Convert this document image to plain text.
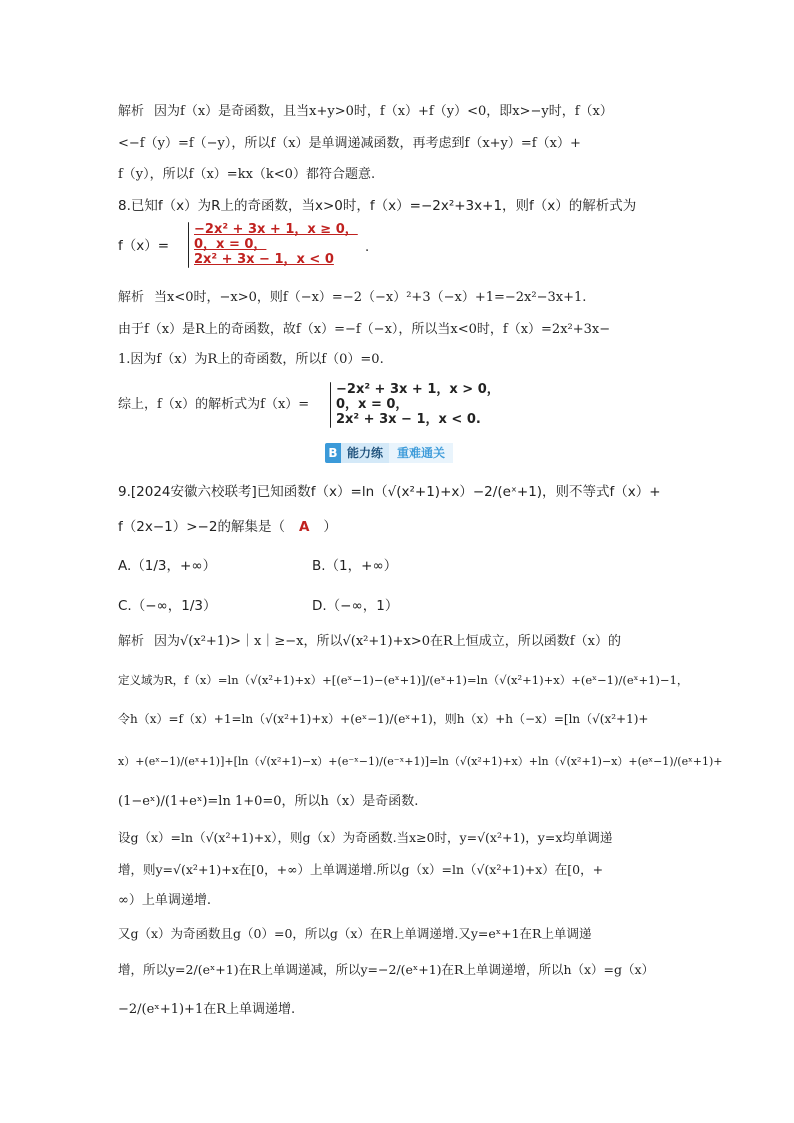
解析 因为f（x）是奇函数，且当x+y>0时，f（x）+f（y）<0，即x>−y时，f（x）
<−f（y）=f（−y），所以f（x）是单调递减函数，再考虑到f（x+y）=f（x）+
f（y），所以f（x）=kx（k<0）都符合题意.
8.已知f（x）为R上的奇函数，当x>0时，f（x）=−2x²+3x+1，则f（x）的解析式为
f（x）=
−2x² + 3x + 1，x ≥ 0，
0，x = 0，
2x² + 3x − 1，x < 0
.
解析 当x<0时，−x>0，则f（−x）=−2（−x）²+3（−x）+1=−2x²−3x+1.
由于f（x）是R上的奇函数，故f（x）=−f（−x），所以当x<0时，f（x）=2x²+3x−
1.因为f（x）为R上的奇函数，所以f（0）=0.
综上，f（x）的解析式为f（x）=
−2x² + 3x + 1，x > 0，
0，x = 0，
2x² + 3x − 1，x < 0.
B 能力练	重难通关
9.[2024安徽六校联考]已知函数f（x）=ln（√(x²+1)+x）−2/(eˣ+1)，则不等式f（x）+
f（2x−1）>−2的解集是（ A ）
A.（1/3，+∞）	B.（1，+∞）
C.（−∞，1/3）	D.（−∞，1）
解析 因为√(x²+1)>｜x｜≥−x，所以√(x²+1)+x>0在R上恒成立，所以函数f（x）的
定义域为R，f（x）=ln（√(x²+1)+x）+[(eˣ−1)−(eˣ+1)]/(eˣ+1)=ln（√(x²+1)+x）+(eˣ−1)/(eˣ+1)−1，
令h（x）=f（x）+1=ln（√(x²+1)+x）+(eˣ−1)/(eˣ+1)，则h（x）+h（−x）=[ln（√(x²+1)+
x）+(eˣ−1)/(eˣ+1)]+[ln（√(x²+1)−x）+(e⁻ˣ−1)/(e⁻ˣ+1)]=ln（√(x²+1)+x）+ln（√(x²+1)−x）+(eˣ−1)/(eˣ+1)+
(1−eˣ)/(1+eˣ)=ln 1+0=0，所以h（x）是奇函数.
设g（x）=ln（√(x²+1)+x），则g（x）为奇函数.当x≥0时，y=√(x²+1)，y=x均单调递
增，则y=√(x²+1)+x在[0，+∞）上单调递增.所以g（x）=ln（√(x²+1)+x）在[0，+
∞）上单调递增.
又g（x）为奇函数且g（0）=0，所以g（x）在R上单调递增.又y=eˣ+1在R上单调递
增，所以y=2/(eˣ+1)在R上单调递减，所以y=−2/(eˣ+1)在R上单调递增，所以h（x）=g（x）
−2/(eˣ+1)+1在R上单调递增.
